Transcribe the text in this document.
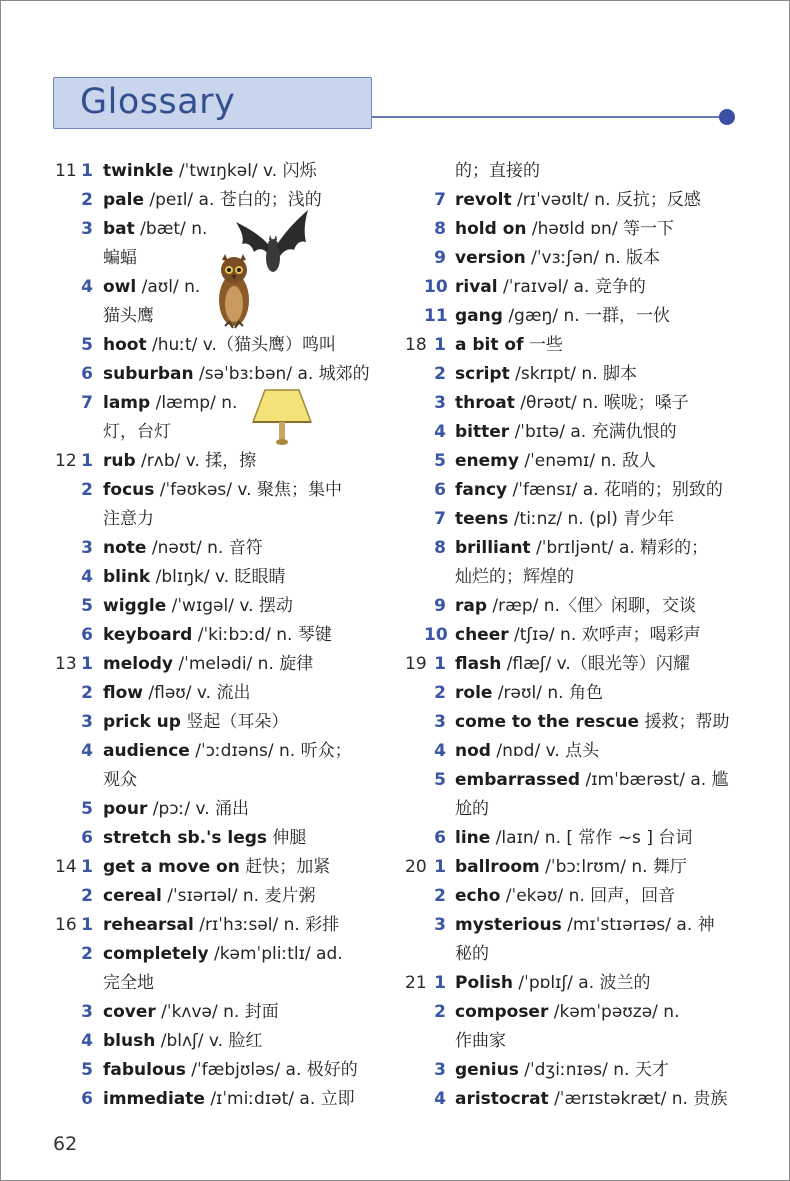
Glossary
11 1 twinkle /ˈtwɪŋkəl/ v. 闪烁
2 pale /peɪl/ a. 苍白的；浅的
3 bat /bæt/ n.
蝙蝠
4 owl /aʊl/ n.
猫头鹰
5 hoot /huːt/ v.（猫头鹰）鸣叫
6 suburban /səˈbɜːbən/ a. 城郊的
7 lamp /læmp/ n.
灯，台灯
12 1 rub /rʌb/ v. 揉，擦
2 focus /ˈfəʊkəs/ v. 聚焦；集中
注意力
3 note /nəʊt/ n. 音符
4 blink /blɪŋk/ v. 眨眼睛
5 wiggle /ˈwɪgəl/ v. 摆动
6 keyboard /ˈkiːbɔːd/ n. 琴键
13 1 melody /ˈmelədi/ n. 旋律
2 flow /fləʊ/ v. 流出
3 prick up 竖起（耳朵）
4 audience /ˈɔːdɪəns/ n. 听众；
观众
5 pour /pɔː/ v. 涌出
6 stretch sb.'s legs 伸腿
14 1 get a move on 赶快；加紧
2 cereal /ˈsɪərɪəl/ n. 麦片粥
16 1 rehearsal /rɪˈhɜːsəl/ n. 彩排
2 completely /kəmˈpliːtlɪ/ ad.
完全地
3 cover /ˈkʌvə/ n. 封面
4 blush /blʌʃ/ v. 脸红
5 fabulous /ˈfæbjʊləs/ a. 极好的
6 immediate /ɪˈmiːdɪət/ a. 立即
的；直接的
7 revolt /rɪˈvəʊlt/ n. 反抗；反感
8 hold on /həʊld ɒn/ 等一下
9 version /ˈvɜːʃən/ n. 版本
10 rival /ˈraɪvəl/ a. 竞争的
11 gang /gæŋ/ n. 一群，一伙
18 1 a bit of 一些
2 script /skrɪpt/ n. 脚本
3 throat /θrəʊt/ n. 喉咙；嗓子
4 bitter /ˈbɪtə/ a. 充满仇恨的
5 enemy /ˈenəmɪ/ n. 敌人
6 fancy /ˈfænsɪ/ a. 花哨的；别致的
7 teens /tiːnz/ n. (pl) 青少年
8 brilliant /ˈbrɪljənt/ a. 精彩的；
灿烂的；辉煌的
9 rap /ræp/ n.〈俚〉闲聊，交谈
10 cheer /tʃɪə/ n. 欢呼声；喝彩声
19 1 flash /flæʃ/ v.（眼光等）闪耀
2 role /rəʊl/ n. 角色
3 come to the rescue 援救；帮助
4 nod /nɒd/ v. 点头
5 embarrassed /ɪmˈbærəst/ a. 尴
尬的
6 line /laɪn/ n. [ 常作 ~s ] 台词
20 1 ballroom /ˈbɔːlrʊm/ n. 舞厅
2 echo /ˈekəʊ/ n. 回声，回音
3 mysterious /mɪˈstɪərɪəs/ a. 神
秘的
21 1 Polish /ˈpɒlɪʃ/ a. 波兰的
2 composer /kəmˈpəʊzə/ n.
作曲家
3 genius /ˈdʒiːnɪəs/ n. 天才
4 aristocrat /ˈærɪstəkræt/ n. 贵族
62
